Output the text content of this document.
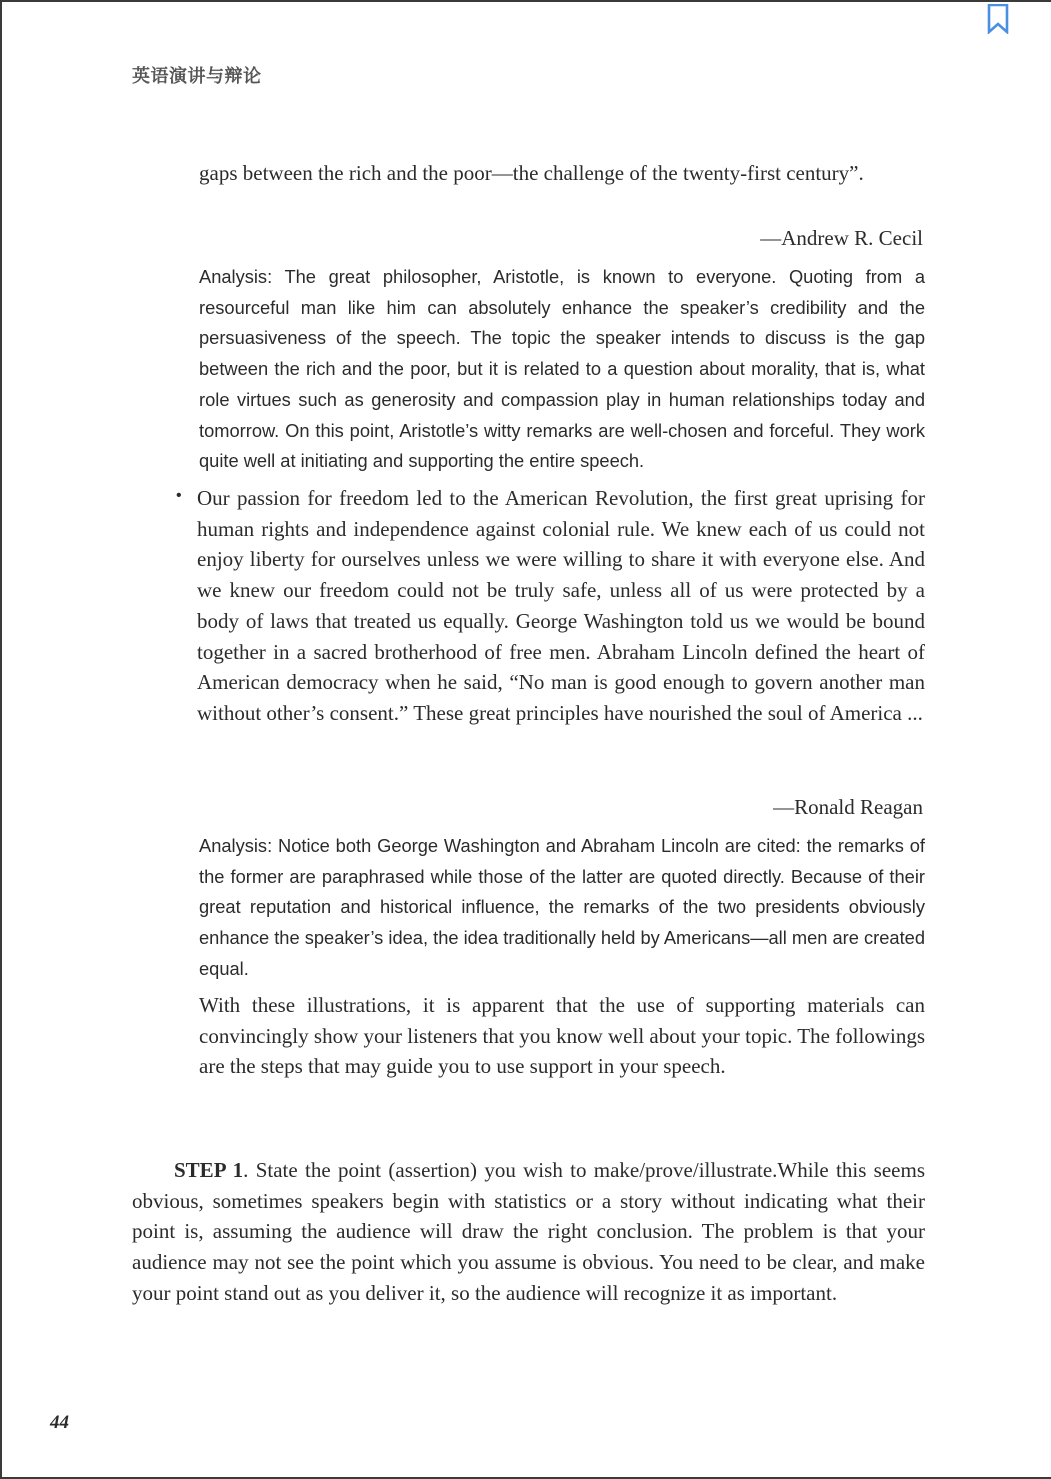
英语演讲与辩论

gaps between the rich and the poor—the challenge of the twenty-first century”.

—Andrew R. Cecil

Analysis: The great philosopher, Aristotle, is known to everyone. Quoting from a resourceful man like him can absolutely enhance the speaker’s credibility and the persuasiveness of the speech. The topic the speaker intends to discuss is the gap between the rich and the poor, but it is related to a question about morality, that is, what role virtues such as generosity and compassion play in human relationships today and tomorrow. On this point, Aristotle’s witty remarks are well-chosen and forceful. They work quite well at initiating and supporting the entire speech.

• Our passion for freedom led to the American Revolution, the first great uprising for human rights and independence against colonial rule. We knew each of us could not enjoy liberty for ourselves unless we were willing to share it with everyone else. And we knew our freedom could not be truly safe, unless all of us were protected by a body of laws that treated us equally. George Washington told us we would be bound together in a sacred brotherhood of free men. Abraham Lincoln defined the heart of American democracy when he said, “No man is good enough to govern another man without other’s consent.” These great principles have nourished the soul of America ...

—Ronald Reagan

Analysis: Notice both George Washington and Abraham Lincoln are cited: the remarks of the former are paraphrased while those of the latter are quoted directly. Because of their great reputation and historical influence, the remarks of the two presidents obviously enhance the speaker’s idea, the idea traditionally held by Americans—all men are created equal.

With these illustrations, it is apparent that the use of supporting materials can convincingly show your listeners that you know well about your topic. The followings are the steps that may guide you to use support in your speech.

STEP 1. State the point (assertion) you wish to make/prove/illustrate.While this seems obvious, sometimes speakers begin with statistics or a story without indicating what their point is, assuming the audience will draw the right conclusion. The problem is that your audience may not see the point which you assume is obvious. You need to be clear, and make your point stand out as you deliver it, so the audience will recognize it as important.

44
